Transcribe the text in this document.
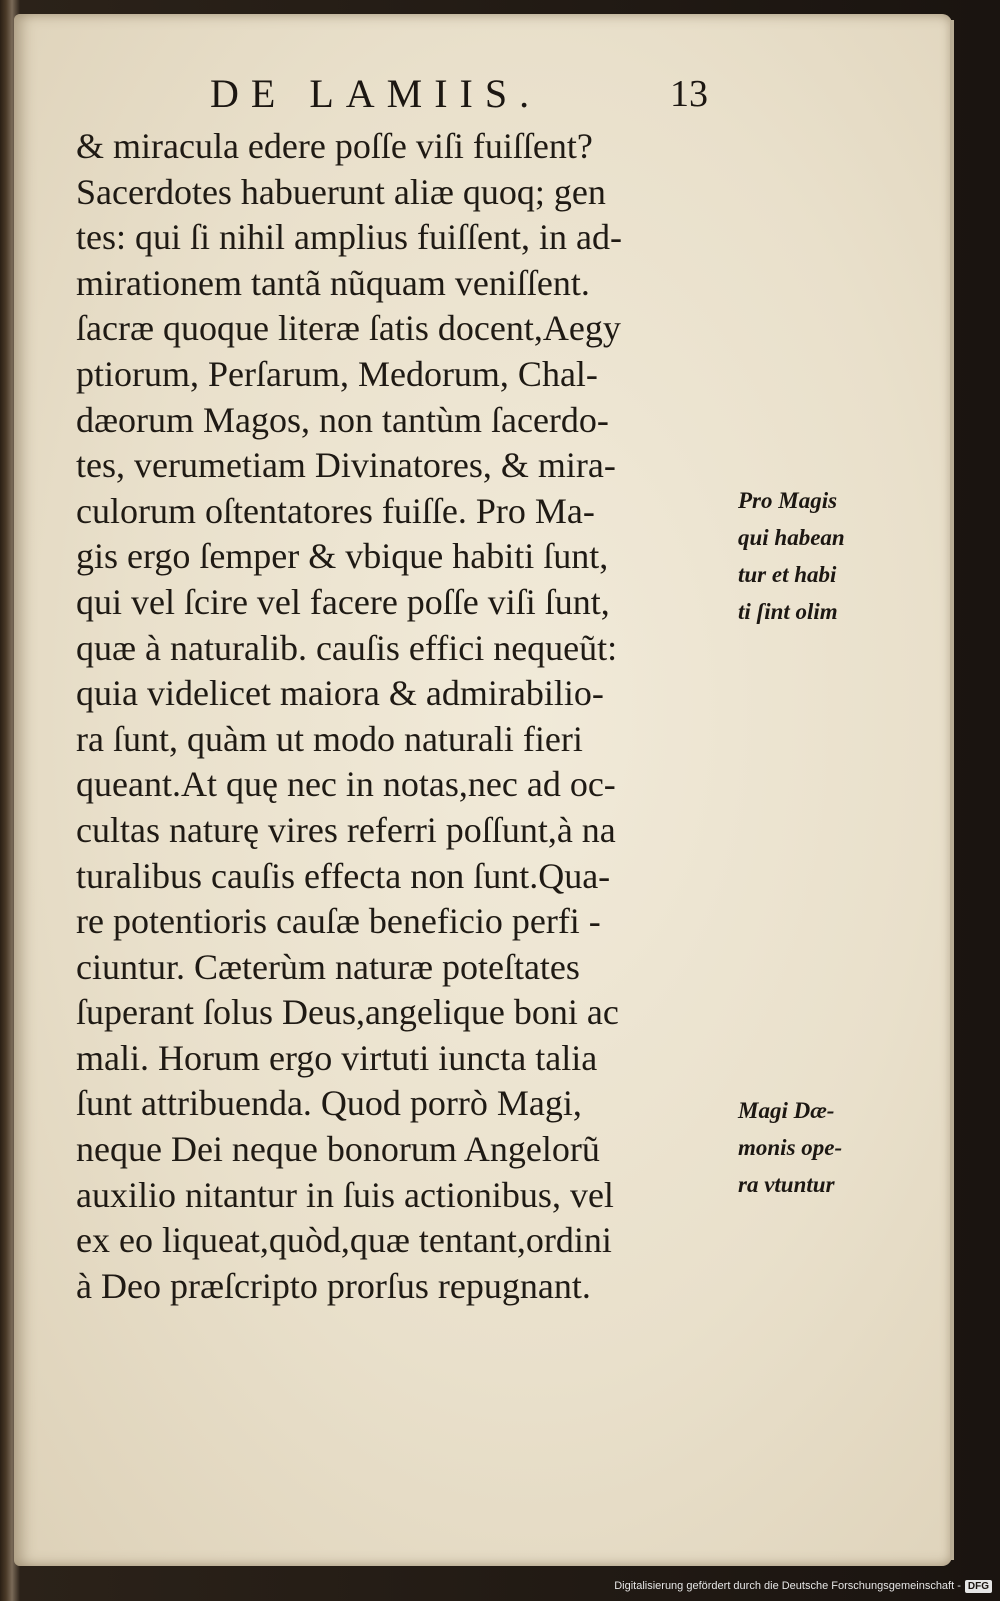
DE LAMIIS.	13
& miracula edere poſſe viſi fuiſſent?
Sacerdotes habuerunt aliæ quoq; gen
tes: qui ſi nihil amplius fuiſſent, in ad-
mirationem tantã nũquam veniſſent.
ſacræ quoque literæ ſatis docent,Aegy
ptiorum, Perſarum, Medorum, Chal-
dæorum Magos, non tantùm ſacerdo-
tes, verumetiam Divinatores, & mira-
culorum oſtentatores fuiſſe. Pro Ma-
gis ergo ſemper & vbique habiti ſunt,
qui vel ſcire vel facere poſſe viſi ſunt,
quæ à naturalib. cauſis effici nequeũt:
quia videlicet maiora & admirabilio-
ra ſunt, quàm ut modo naturali fieri
queant.At quę nec in notas,nec ad oc-
cultas naturę vires referri poſſunt,à na
turalibus cauſis effecta non ſunt.Qua-
re potentioris cauſæ beneficio perfi -
ciuntur. Cæterùm naturæ poteſtates
ſuperant ſolus Deus,angelique boni ac
mali. Horum ergo virtuti iuncta talia
ſunt attribuenda. Quod porrò Magi,
neque Dei neque bonorum Angelorũ
auxilio nitantur in ſuis actionibus, vel
ex eo liqueat,quòd,quæ tentant,ordini
à Deo præſcripto prorſus repugnant.
Pro Magis
qui habean
tur et habi
ti ſint olim
Magi Dæ-
monis ope-
ra vtuntur
Digitalisierung gefördert durch die Deutsche Forschungsgemeinschaft - DFG
